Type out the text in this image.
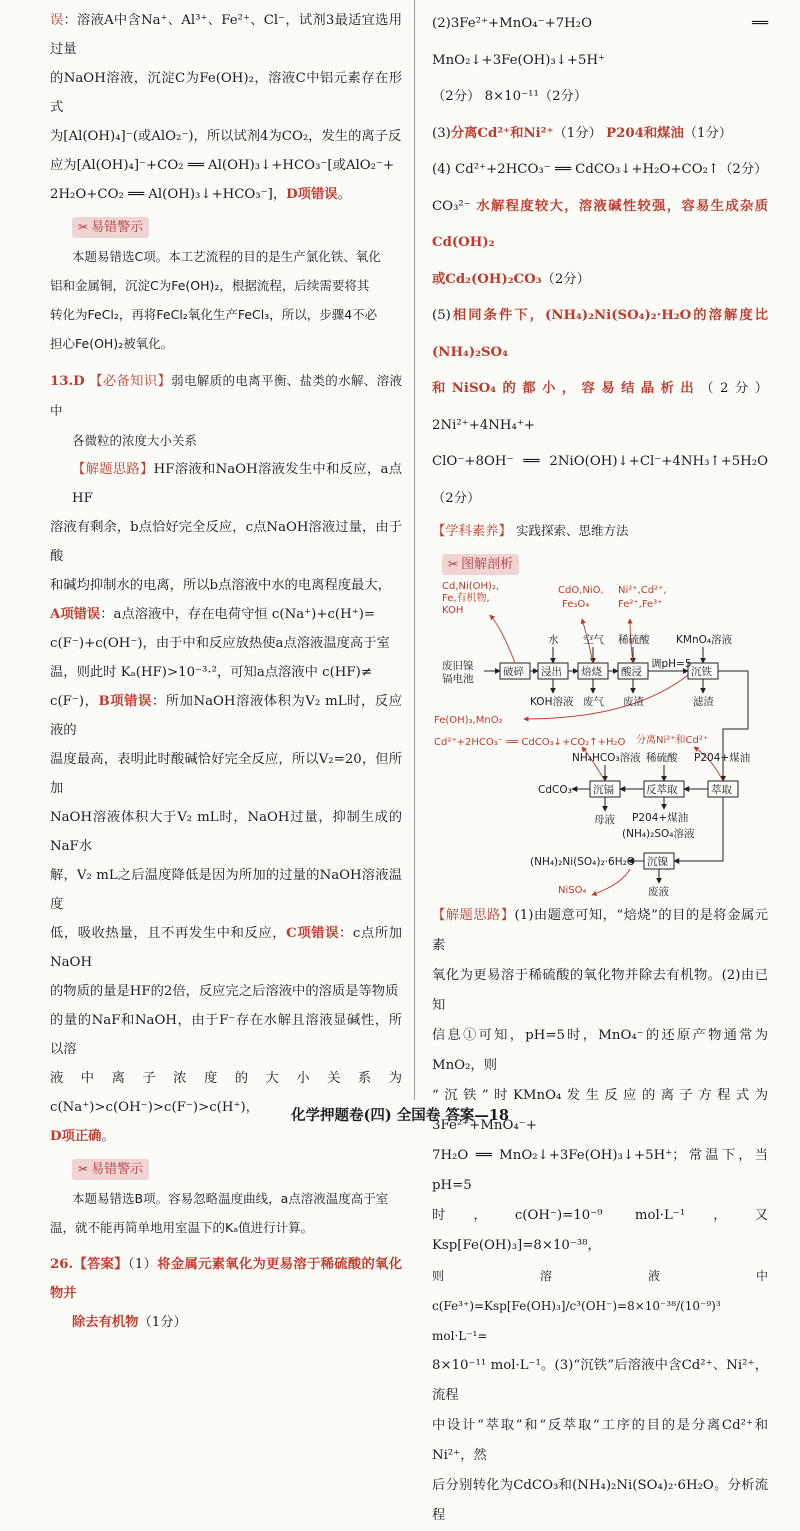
误：溶液A中含Na⁺、Al³⁺、Fe²⁺、Cl⁻，试剂3最适宜选用过量

的NaOH溶液，沉淀C为Fe(OH)₂，溶液C中铝元素存在形式

为[Al(OH)₄]⁻(或AlO₂⁻)，所以试剂4为CO₂，发生的离子反

应为[Al(OH)₄]⁻+CO₂ ══ Al(OH)₃↓+HCO₃⁻[或AlO₂⁻+

2H₂O+CO₂ ══ Al(OH)₃↓+HCO₃⁻]，D项错误。

✂ 易错警示

本题易错选C项。本工艺流程的目的是生产氯化铁、氧化

铝和金属铜，沉淀C为Fe(OH)₂，根据流程，后续需要将其

转化为FeCl₂，再将FeCl₂氧化生产FeCl₃，所以，步骤4不必

担心Fe(OH)₂被氧化。

13.D 【必备知识】弱电解质的电离平衡、盐类的水解、溶液中

各微粒的浓度大小关系

【解题思路】HF溶液和NaOH溶液发生中和反应，a点HF

溶液有剩余，b点恰好完全反应，c点NaOH溶液过量，由于酸

和碱均抑制水的电离，所以b点溶液中水的电离程度最大，

A项错误：a点溶液中，存在电荷守恒 c(Na⁺)+c(H⁺)=

c(F⁻)+c(OH⁻)，由于中和反应放热使a点溶液温度高于室

温，则此时 Kₐ(HF)>10⁻³·²，可知a点溶液中 c(HF)≠

c(F⁻)，B项错误：所加NaOH溶液体积为V₂ mL时，反应液的

温度最高，表明此时酸碱恰好完全反应，所以V₂=20，但所加

NaOH溶液体积大于V₂ mL时，NaOH过量，抑制生成的NaF水

解，V₂ mL之后温度降低是因为所加的过量的NaOH溶液温度

低，吸收热量，且不再发生中和反应，C项错误：c点所加NaOH

的物质的量是HF的2倍，反应完之后溶液中的溶质是等物质

的量的NaF和NaOH，由于F⁻存在水解且溶液显碱性，所以溶

液中离子浓度的大小关系为c(Na⁺)>c(OH⁻)>c(F⁻)>c(H⁺)，

D项正确。

✂ 易错警示

本题易错选B项。容易忽略温度曲线，a点溶液温度高于室

温，就不能再简单地用室温下的Kₐ值进行计算。

26.【答案】（1）将金属元素氧化为更易溶于稀硫酸的氧化物并

除去有机物（1分）

(2)3Fe²⁺+MnO₄⁻+7H₂O ══ MnO₂↓+3Fe(OH)₃↓+5H⁺

（2分） 8×10⁻¹¹（2分）

(3)分离Cd²⁺和Ni²⁺（1分） P204和煤油（1分）

(4) Cd²⁺+2HCO₃⁻ ══ CdCO₃↓+H₂O+CO₂↑（2分）

CO₃²⁻ 水解程度较大，溶液碱性较强，容易生成杂质Cd(OH)₂

或Cd₂(OH)₂CO₃（2分）

(5)相同条件下，(NH₄)₂Ni(SO₄)₂·H₂O的溶解度比(NH₄)₂SO₄

和NiSO₄的都小，容易结晶析出（2分） 2Ni²⁺+4NH₄⁺+

ClO⁻+8OH⁻ ══ 2NiO(OH)↓+Cl⁻+4NH₃↑+5H₂O（2分）

【学科素养】 实践探索、思维方法

✂ 图解剖析
Cd,Ni(OH)₂,
Fe,有机物,
KOH
CdO,NiO,
Fe₃O₄
Ni²⁺,Cd²⁺,
Fe²⁺,Fe³⁺
Fe(OH)₃,MnO₂
Cd²⁺+2HCO₃⁻ ══ CdCO₃↓+CO₂↑+H₂O 分离Ni²⁺和Cd²⁺
NiSO₄
废旧镍
镉电池
破碎 浸出 焙烧 酸浸	沉铁
水 空气 稀硫酸
调pH=5
KMnO₄溶液
KOH溶液 废气 废渣	滤渣
NH₄HCO₃溶液 稀硫酸 P204+煤油
CdCO₃ 沉镉	反萃取	萃取
母液 P204+煤油
(NH₄)₂SO₄溶液
(NH₄)₂Ni(SO₄)₂·6H₂O 沉镍
废液

【解题思路】(1)由题意可知，“焙烧”的目的是将金属元素

氧化为更易溶于稀硫酸的氧化物并除去有机物。(2)由已知

信息①可知，pH=5时，MnO₄⁻的还原产物通常为MnO₂，则

“沉铁”时KMnO₄发生反应的离子方程式为3Fe²⁺+MnO₄⁻+

7H₂O ══ MnO₂↓+3Fe(OH)₃↓+5H⁺；常温下，当pH=5

时，c(OH⁻)=10⁻⁹ mol·L⁻¹，又Ksp[Fe(OH)₃]=8×10⁻³⁸，

则溶液中c(Fe³⁺)=Ksp[Fe(OH)₃]/c³(OH⁻)=8×10⁻³⁸/(10⁻⁹)³ mol·L⁻¹=

8×10⁻¹¹ mol·L⁻¹。(3)“沉铁”后溶液中含Cd²⁺、Ni²⁺，流程

中设计“萃取”和“反萃取”工序的目的是分离Cd²⁺和Ni²⁺，然

后分别转化为CdCO₃和(NH₄)₂Ni(SO₄)₂·6H₂O。分析流程

化学押题卷(四) 全国卷 答案—18
